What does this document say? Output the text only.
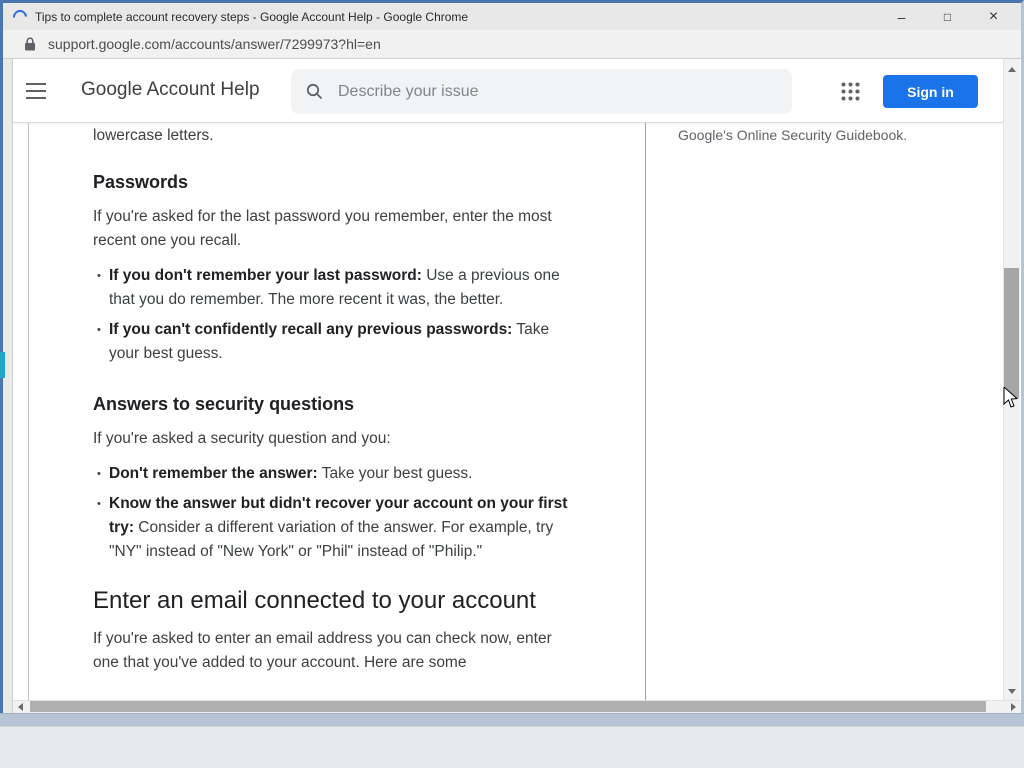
Tips to complete account recovery steps - Google Account Help - Google Chrome	–	□ ×
support.google.com/accounts/answer/7299973?hl=en
Google Account Help
Describe your issue	Sign in

lowercase letters.

Passwords

If you're asked for the last password you remember, enter the most recent one you recall.

• If you don't remember your last password: Use a previous one that you do remember. The more recent it was, the better.
• If you can't confidently recall any previous passwords: Take your best guess.
Answers to security questions

If you're asked a security question and you:

• Don't remember the answer: Take your best guess.
• Know the answer but didn't recover your account on your first try: Consider a different variation of the answer. For example, try "NY" instead of "New York" or "Phil" instead of "Philip."
Enter an email connected to your account

If you're asked to enter an email address you can check now, enter one that you've added to your account. Here are some

Google's Online Security Guidebook.
Type here to search
